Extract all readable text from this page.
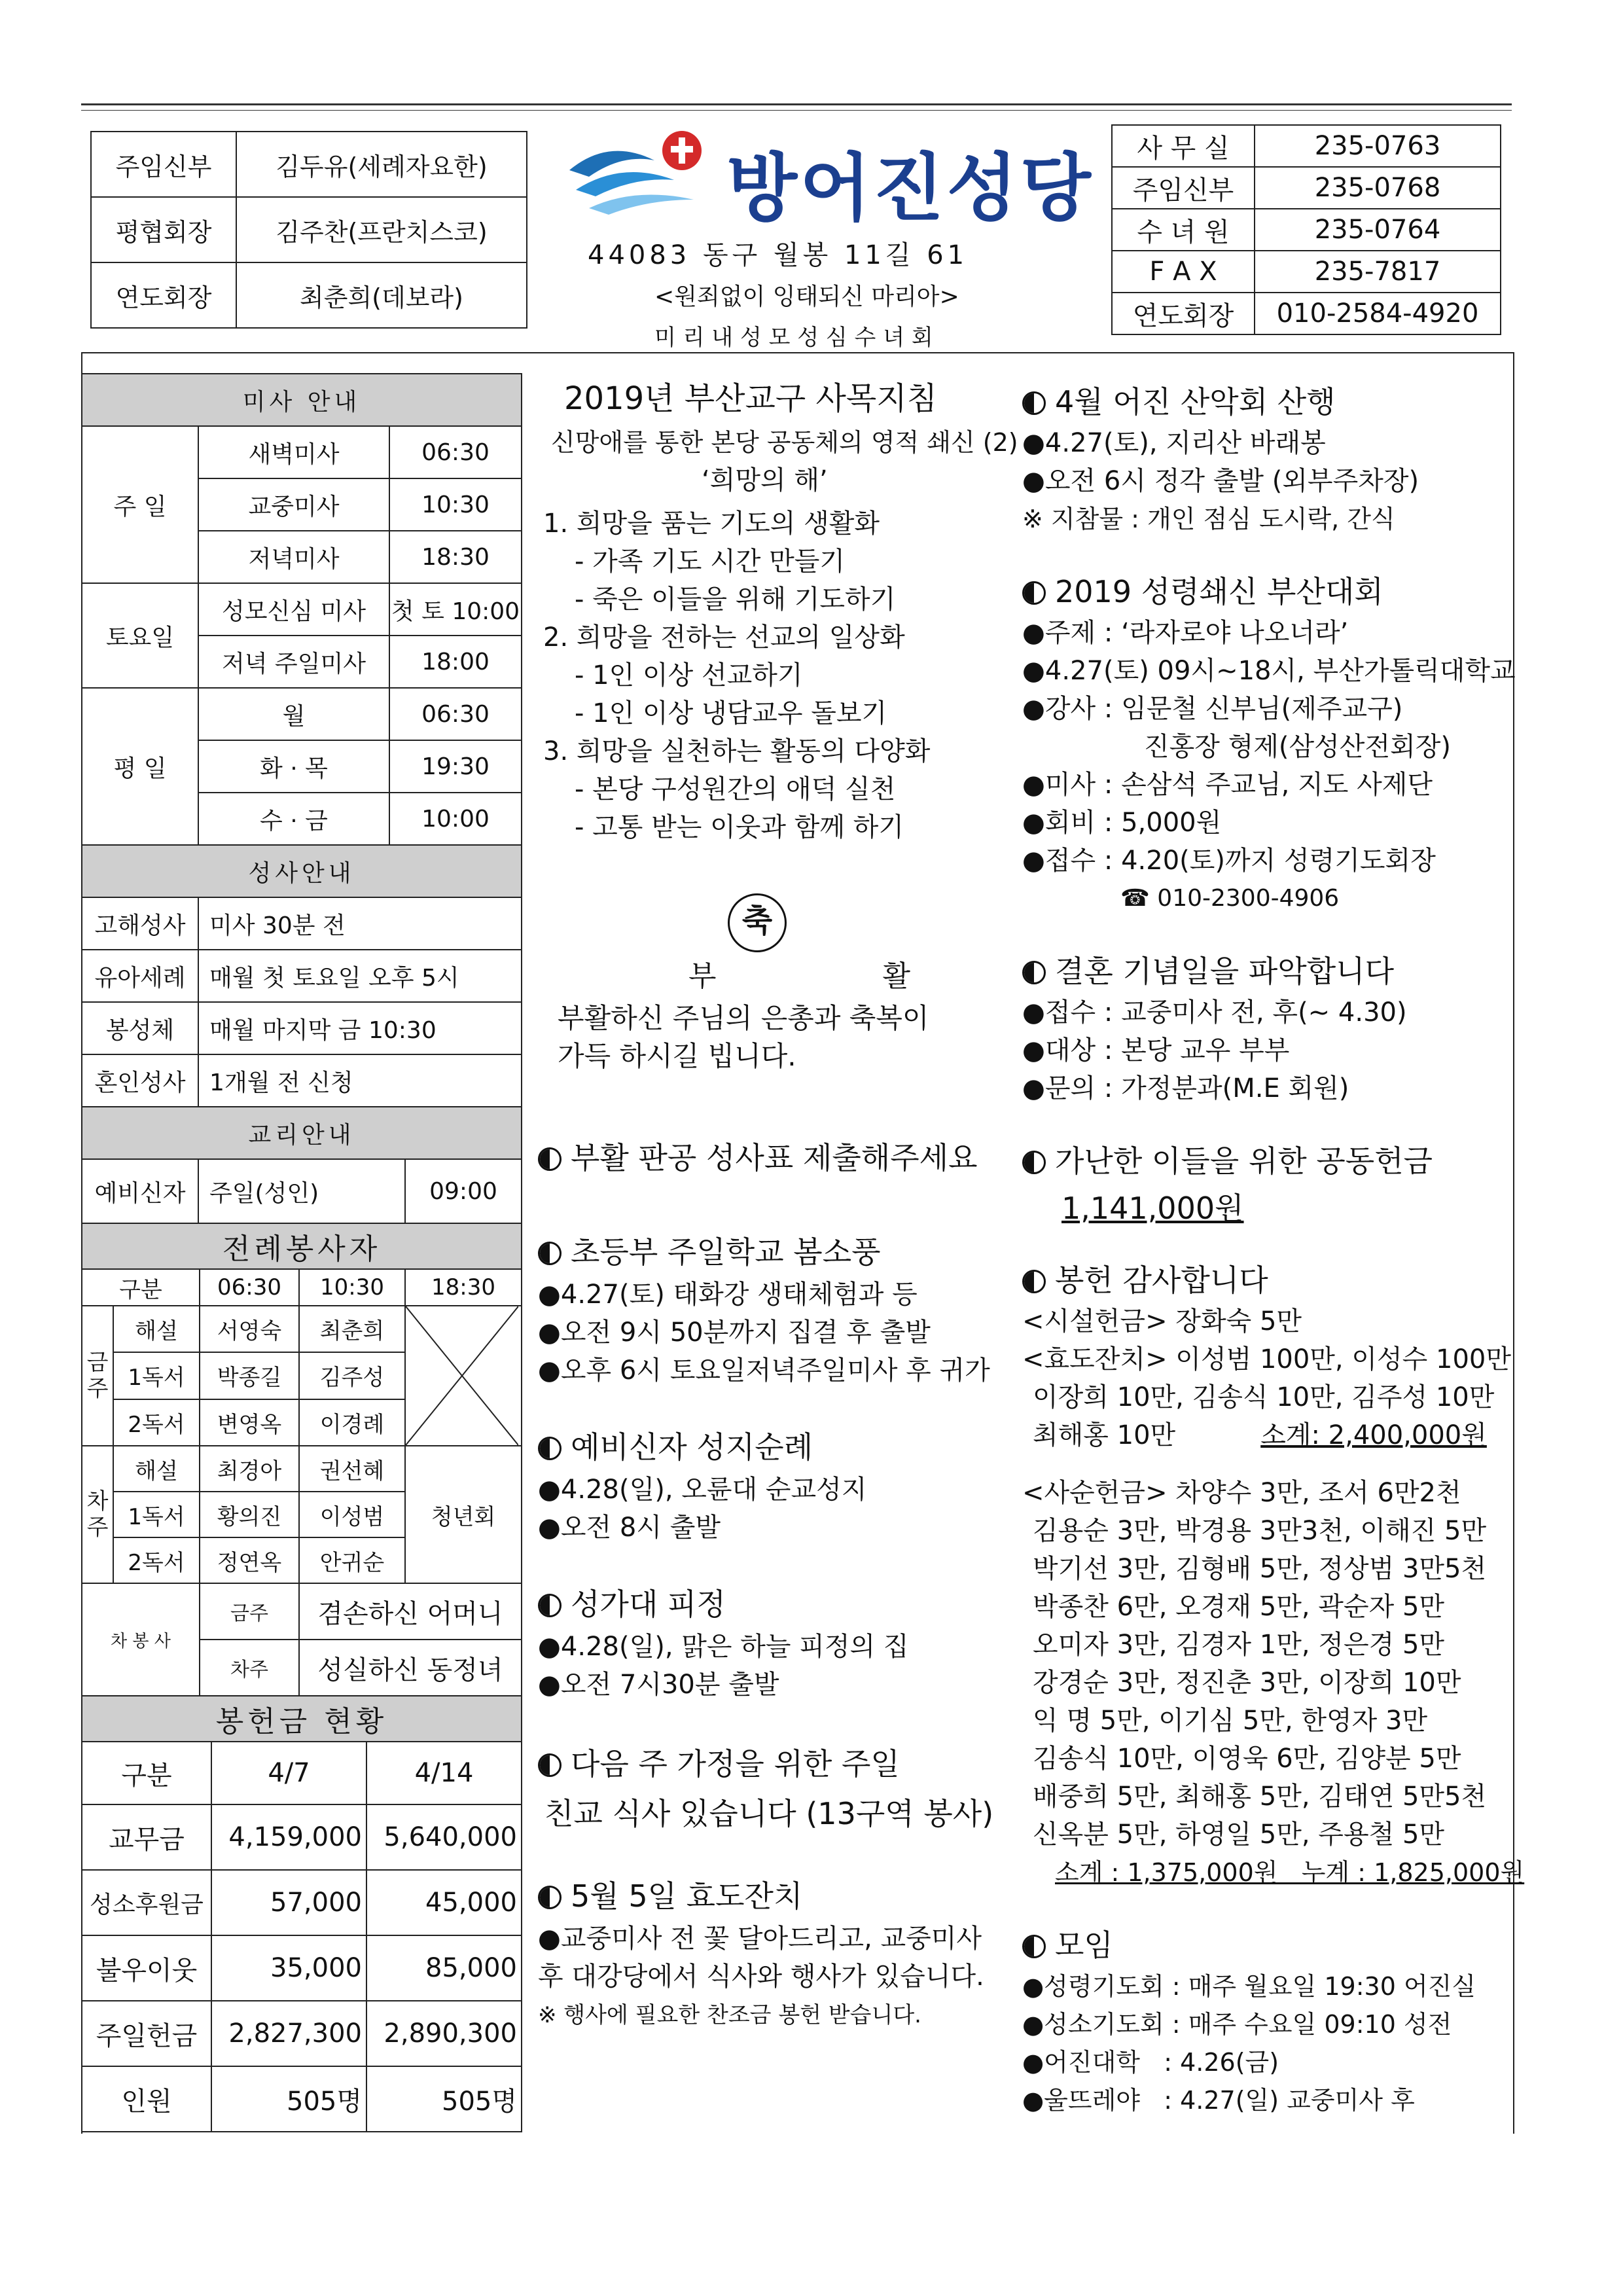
주임신부	김두유(세례자요한)
평협회장	김주찬(프란치스코)
연도회장	최춘희(데보라)
방어진성당
44083 동구 월봉 11길 61
<원죄없이 잉태되신 마리아>
미 리 내 성 모 성 심 수 녀 회
사 무 실	235-0763
주임신부	235-0768
수 녀 원	235-0764
F A X	235-7817
연도회장	010-2584-4920
미사 안내		
주 일	새벽미사	06:30
	교중미사	10:30
	저녁미사	18:30
토요일	성모신심 미사	첫 토 10:00
	저녁 주일미사	18:00
평 일	월	06:30
	화 · 목	19:30
	수 · 금	10:00
성사안내	
고해성사	미사 30분 전
유아세례	매월 첫 토요일 오후 5시
봉성체	매월 마지막 금 10:30
혼인성사	1개월 전 신청
교리안내
예비신자	주일(성인)	09:00
전례봉사자				
구분		06:30	10:30	18:30
금주	해설	서영숙	최춘희	

	1독서	박종길	김주성	
	2독서	변영옥	이경례	
차주	해설	최경아	권선혜	청년회
	1독서	황의진	이성범	
	2독서	정연옥	안귀순	
차 봉 사		금주	겸손하신 어머니	
		차주	성실하신 동정녀	
봉헌금 현황		
구분	4/7	4/14
교무금	4,159,000	5,640,000
성소후원금	57,000	45,000
불우이웃	35,000	85,000
주일헌금	2,827,300	2,890,300
인원	505명	505명
2019년 부산교구 사목지침
신망애를 통한 본당 공동체의 영적 쇄신 (2)
‘희망의 해’
1. 희망을 품는 기도의 생활화
- 가족 기도 시간 만들기
- 죽은 이들을 위해 기도하기
2. 희망을 전하는 선교의 일상화
- 1인 이상 선교하기
- 1인 이상 냉담교우 돌보기
3. 희망을 실천하는 활동의 다양화
- 본당 구성원간의 애덕 실천
- 고통 받는 이웃과 함께 하기
축
부 활
부활하신 주님의 은총과 축복이
가득 하시길 빕니다.
부활 판공 성사표 제출해주세요
초등부 주일학교 봄소풍
●4.27(토) 태화강 생태체험과 등
●오전 9시 50분까지 집결 후 출발
●오후 6시 토요일저녁주일미사 후 귀가
예비신자 성지순례
●4.28(일), 오륜대 순교성지
●오전 8시 출발
성가대 피정
●4.28(일), 맑은 하늘 피정의 집
●오전 7시30분 출발
다음 주 가정을 위한 주일
친교 식사 있습니다 (13구역 봉사)
5월 5일 효도잔치
●교중미사 전 꽃 달아드리고, 교중미사
후 대강당에서 식사와 행사가 있습니다.
※ 행사에 필요한 찬조금 봉헌 받습니다.
4월 어진 산악회 산행
●4.27(토), 지리산 바래봉
●오전 6시 정각 출발 (외부주차장)
※ 지참물 : 개인 점심 도시락, 간식
2019 성령쇄신 부산대회
●주제 : ‘라자로야 나오너라’
●4.27(토) 09시~18시, 부산가톨릭대학교
●강사 : 임문철 신부님(제주교구)
진홍장 형제(삼성산전회장)
●미사 : 손삼석 주교님, 지도 사제단
●회비 : 5,000원
●접수 : 4.20(토)까지 성령기도회장
☎ 010-2300-4906
결혼 기념일을 파악합니다
●접수 : 교중미사 전, 후(~ 4.30)
●대상 : 본당 교우 부부
●문의 : 가정분과(M.E 회원)
가난한 이들을 위한 공동헌금
1,141,000원
봉헌 감사합니다
<시설헌금> 장화숙 5만
<효도잔치> 이성범 100만, 이성수 100만
이장희 10만, 김송식 10만, 김주성 10만
최해홍 10만	소계: 2,400,000원
<사순헌금> 차양수 3만, 조서 6만2천
김용순 3만, 박경용 3만3천, 이해진 5만
박기선 3만, 김형배 5만, 정상범 3만5천
박종찬 6만, 오경재 5만, 곽순자 5만
오미자 3만, 김경자 1만, 정은경 5만
강경순 3만, 정진춘 3만, 이장희 10만
익 명 5만, 이기심 5만, 한영자 3만
김송식 10만, 이영욱 6만, 김양분 5만
배중희 5만, 최해홍 5만, 김태연 5만5천
신옥분 5만, 하영일 5만, 주용철 5만
소계 : 1,375,000원   누계 : 1,825,000원
모임
●성령기도회 : 매주 월요일 19:30 어진실
●성소기도회 : 매주 수요일 09:10 성전
●어진대학   : 4.26(금)
●울뜨레야   : 4.27(일) 교중미사 후
